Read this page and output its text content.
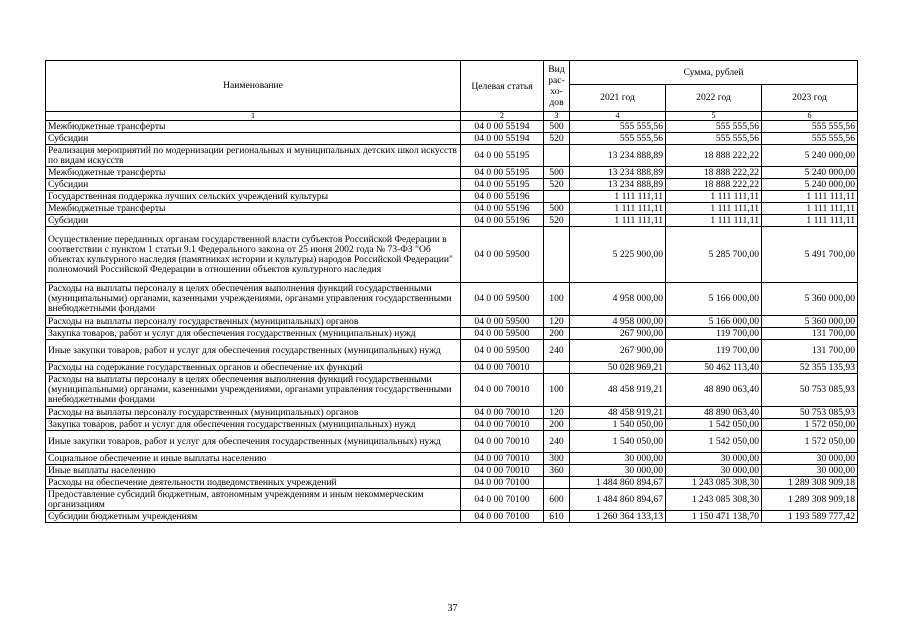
Наименование	Целевая статья	Вид рас-
хо-
дов	Сумма, рублей		
			2021 год	2022 год	2023 год
1	2	3	4	5	6
Межбюджетные трансферты	04 0 00 55194	500	555 555,56	555 555,56	555 555,56
Субсидии	04 0 00 55194	520	555 555,56	555 555,56	555 555,56
Реализация мероприятий по модернизации региональных и муниципальных детских школ искусств по видам искусств	04 0 00 55195		13 234 888,89	18 888 222,22	5 240 000,00
Межбюджетные трансферты	04 0 00 55195	500	13 234 888,89	18 888 222,22	5 240 000,00
Субсидии	04 0 00 55195	520	13 234 888,89	18 888 222,22	5 240 000,00
Государственная поддержка лучших сельских учреждений культуры	04 0 00 55196		1 111 111,11	1 111 111,11	1 111 111,11
Межбюджетные трансферты	04 0 00 55196	500	1 111 111,11	1 111 111,11	1 111 111,11
Субсидии	04 0 00 55196	520	1 111 111,11	1 111 111,11	1 111 111,11
Осуществление переданных органам государственной власти субъектов Российской Федерации в соответствии с пунктом 1 статьи 9.1 Федерального закона от 25 июня 2002 года № 73-ФЗ "Об объектах культурного наследия (памятниках истории и культуры) народов Российской Федерации" полномочий Российской Федерации в отношении объектов культурного наследия	04 0 00 59500		5 225 900,00	5 285 700,00	5 491 700,00
Расходы на выплаты персоналу в целях обеспечения выполнения функций государственными (муниципальными) органами, казенными учреждениями, органами управления государственными внебюджетными фондами	04 0 00 59500	100	4 958 000,00	5 166 000,00	5 360 000,00
Расходы на выплаты персоналу государственных (муниципальных) органов	04 0 00 59500	120	4 958 000,00	5 166 000,00	5 360 000,00
Закупка товаров, работ и услуг для обеспечения государственных (муниципальных) нужд	04 0 00 59500	200	267 900,00	119 700,00	131 700,00
Иные закупки товаров, работ и услуг для обеспечения государственных (муниципальных) нужд	04 0 00 59500	240	267 900,00	119 700,00	131 700,00
Расходы на содержание государственных органов и обеспечение их функций	04 0 00 70010		50 028 969,21	50 462 113,40	52 355 135,93
Расходы на выплаты персоналу в целях обеспечения выполнения функций государственными (муниципальными) органами, казенными учреждениями, органами управления государственными внебюджетными фондами	04 0 00 70010	100	48 458 919,21	48 890 063,40	50 753 085,93
Расходы на выплаты персоналу государственных (муниципальных) органов	04 0 00 70010	120	48 458 919,21	48 890 063,40	50 753 085,93
Закупка товаров, работ и услуг для обеспечения государственных (муниципальных) нужд	04 0 00 70010	200	1 540 050,00	1 542 050,00	1 572 050,00
Иные закупки товаров, работ и услуг для обеспечения государственных (муниципальных) нужд	04 0 00 70010	240	1 540 050,00	1 542 050,00	1 572 050,00
Социальное обеспечение и иные выплаты населению	04 0 00 70010	300	30 000,00	30 000,00	30 000,00
Иные выплаты населению	04 0 00 70010	360	30 000,00	30 000,00	30 000,00
Расходы на обеспечение деятельности подведомственных учреждений	04 0 00 70100		1 484 860 894,67	1 243 085 308,30	1 289 308 909,18
Предоставление субсидий бюджетным, автономным учреждениям и иным некоммерческим организациям	04 0 00 70100	600	1 484 860 894,67	1 243 085 308,30	1 289 308 909,18
Субсидии бюджетным учреждениям	04 0 00 70100	610	1 260 364 133,13	1 150 471 138,70	1 193 589 777,42
37
